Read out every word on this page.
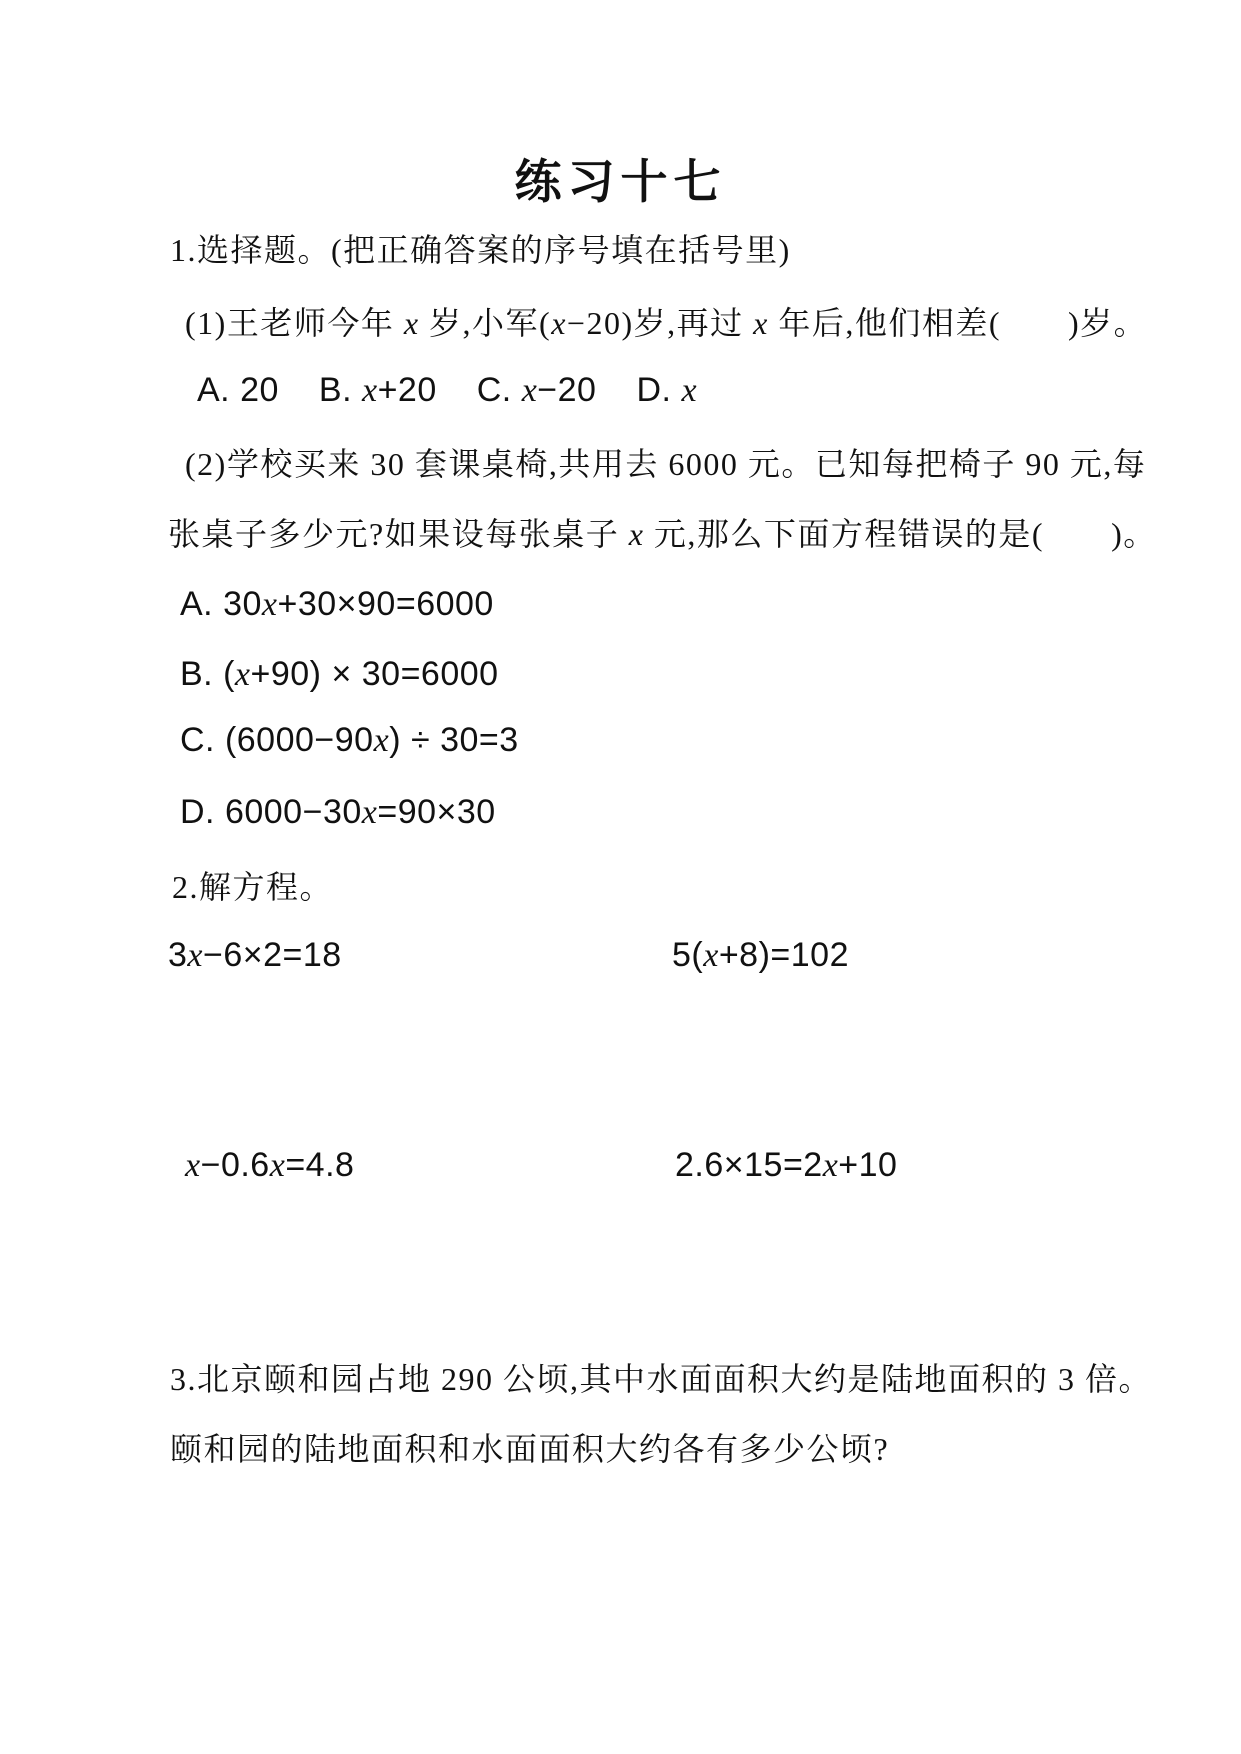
练习十七
1.选择题。(把正确答案的序号填在括号里)
(1)王老师今年 x 岁,小军(x−20)岁,再过 x 年后,他们相差(  )岁。
A. 20 B. x+20 C. x−20 D. x
(2)学校买来 30 套课桌椅,共用去 6000 元。已知每把椅子 90 元,每
张桌子多少元?如果设每张桌子 x 元,那么下面方程错误的是(  )。
A. 30x+30×90=6000
B. (x+90) × 30=6000
C. (6000−90x) ÷ 30=3
D. 6000−30x=90×30
2.解方程。
3x−6×2=18	5(x+8)=102
x−0.6x=4.8	2.6×15=2x+10
3.北京颐和园占地 290 公顷,其中水面面积大约是陆地面积的 3 倍。
颐和园的陆地面积和水面面积大约各有多少公顷?
